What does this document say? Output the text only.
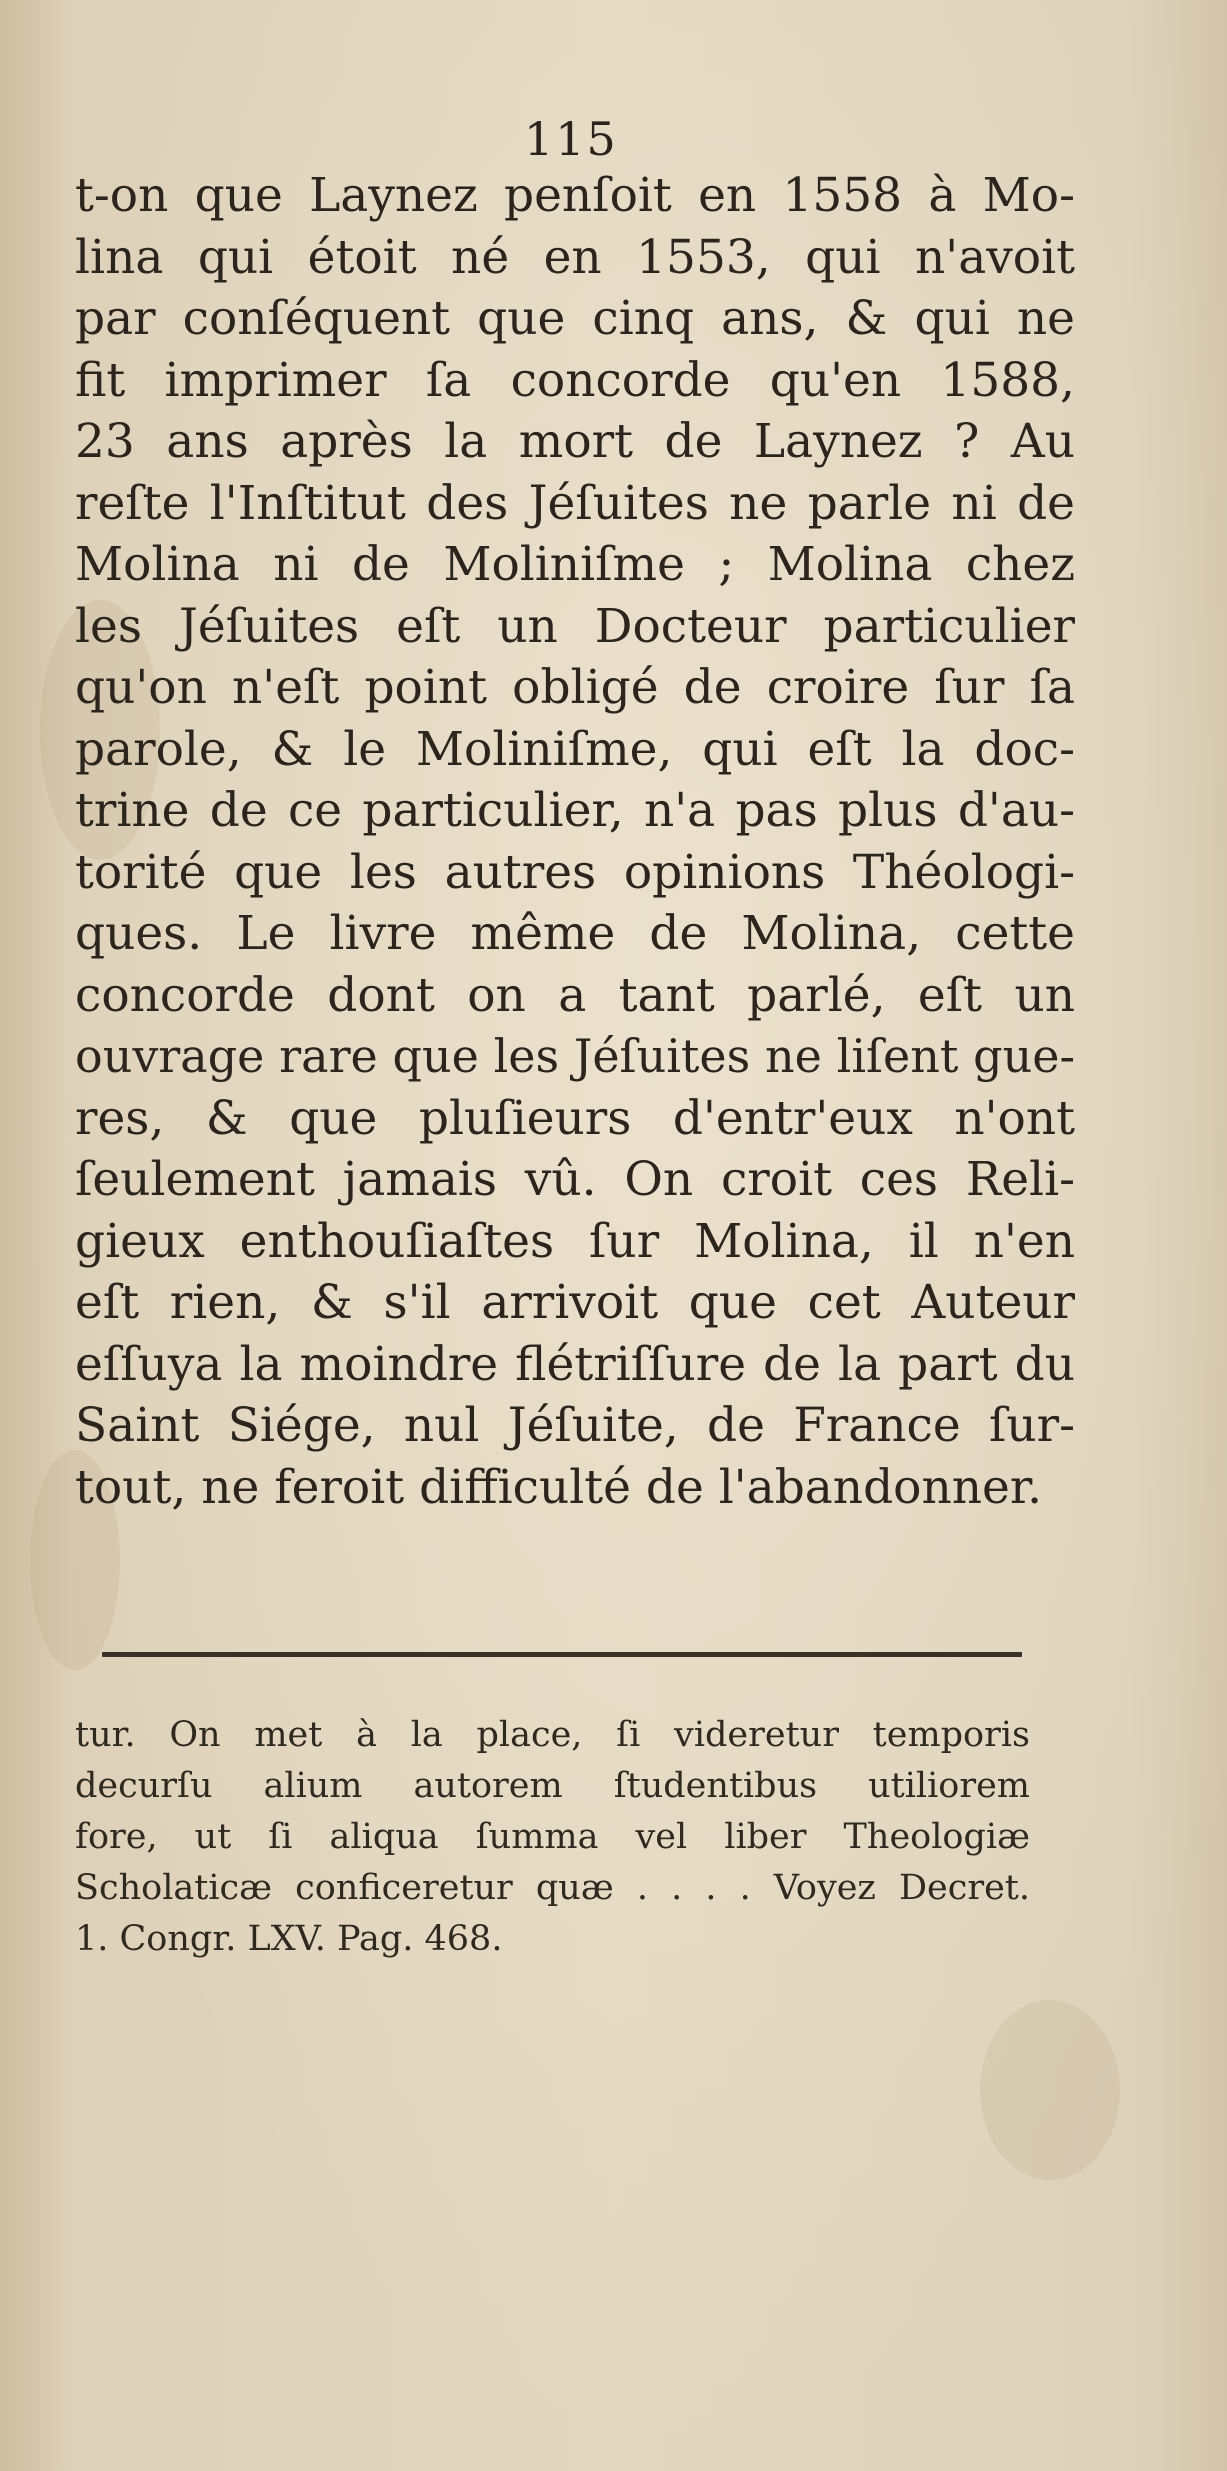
115
t-on que Laynez penſoit en 1558 à Mo-
lina qui étoit né en 1553, qui n'avoit
par conſéquent que cinq ans, & qui ne
fit imprimer ſa concorde qu'en 1588,
23 ans après la mort de Laynez ? Au
reſte l'Inſtitut des Jéſuites ne parle ni de
Molina ni de Moliniſme ; Molina chez
les Jéſuites eſt un Docteur particulier
qu'on n'eſt point obligé de croire ſur ſa
parole, & le Moliniſme, qui eſt la doc-
trine de ce particulier, n'a pas plus d'au-
torité que les autres opinions Théologi-
ques. Le livre même de Molina, cette
concorde dont on a tant parlé, eſt un
ouvrage rare que les Jéſuites ne liſent gue-
res, & que pluſieurs d'entr'eux n'ont
ſeulement jamais vû. On croit ces Reli-
gieux enthouſiaſtes ſur Molina, il n'en
eſt rien, & s'il arrivoit que cet Auteur
eſſuya la moindre flétriſſure de la part du
Saint Siége, nul Jéſuite, de France ſur-
tout, ne feroit difficulté de l'abandonner.
tur. On met à la place, ſi videretur temporis
decurſu alium autorem ſtudentibus utiliorem
fore, ut ſi aliqua ſumma vel liber Theologiæ
Scholaticæ conficeretur quæ . . . . Voyez Decret.
1. Congr. LXV. Pag. 468.
